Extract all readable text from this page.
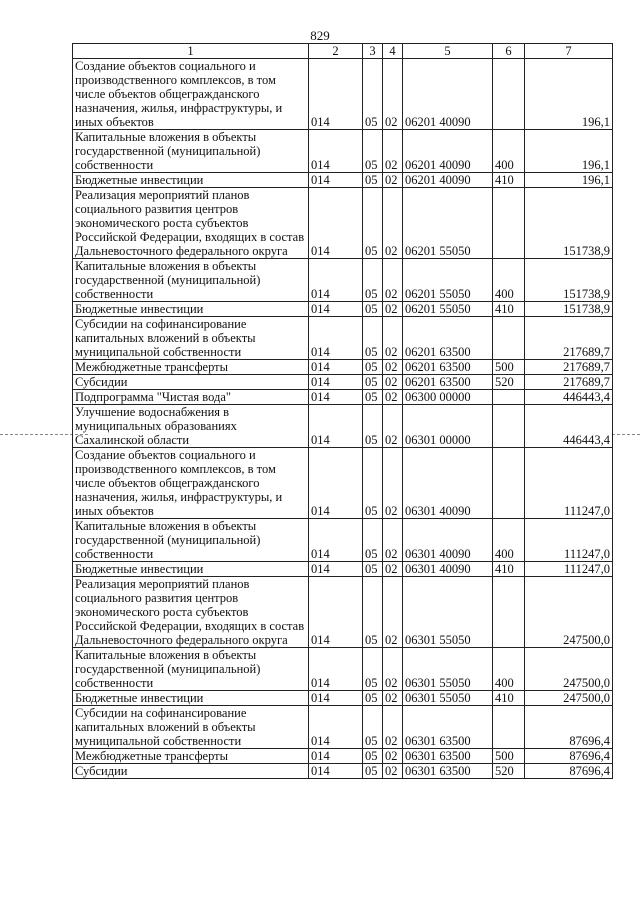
829
1	2	3	4	5	6	7
Создание объектов социального и производственного комплексов, в том числе объектов общегражданского назначения, жилья, инфраструктуры, и иных объектов	014	05	02	06201 40090		196,1
Капитальные вложения в объекты государственной (муниципальной) собственности	014	05	02	06201 40090	400	196,1
Бюджетные инвестиции	014	05	02	06201 40090	410	196,1
Реализация мероприятий планов социального развития центров экономического роста субъектов Российской Федерации, входящих в состав Дальневосточного федерального округа	014	05	02	06201 55050		151738,9
Капитальные вложения в объекты государственной (муниципальной) собственности	014	05	02	06201 55050	400	151738,9
Бюджетные инвестиции	014	05	02	06201 55050	410	151738,9
Субсидии на софинансирование капитальных вложений в объекты муниципальной собственности	014	05	02	06201 63500		217689,7
Межбюджетные трансферты	014	05	02	06201 63500	500	217689,7
Субсидии	014	05	02	06201 63500	520	217689,7
Подпрограмма "Чистая вода"	014	05	02	06300 00000		446443,4
Улучшение водоснабжения в муниципальных образованиях Сахалинской области	014	05	02	06301 00000		446443,4
Создание объектов социального и производственного комплексов, в том числе объектов общегражданского назначения, жилья, инфраструктуры, и иных объектов	014	05	02	06301 40090		111247,0
Капитальные вложения в объекты государственной (муниципальной) собственности	014	05	02	06301 40090	400	111247,0
Бюджетные инвестиции	014	05	02	06301 40090	410	111247,0
Реализация мероприятий планов социального развития центров экономического роста субъектов Российской Федерации, входящих в состав Дальневосточного федерального округа	014	05	02	06301 55050		247500,0
Капитальные вложения в объекты государственной (муниципальной) собственности	014	05	02	06301 55050	400	247500,0
Бюджетные инвестиции	014	05	02	06301 55050	410	247500,0
Субсидии на софинансирование капитальных вложений в объекты муниципальной собственности	014	05	02	06301 63500		87696,4
Межбюджетные трансферты	014	05	02	06301 63500	500	87696,4
Субсидии	014	05	02	06301 63500	520	87696,4
